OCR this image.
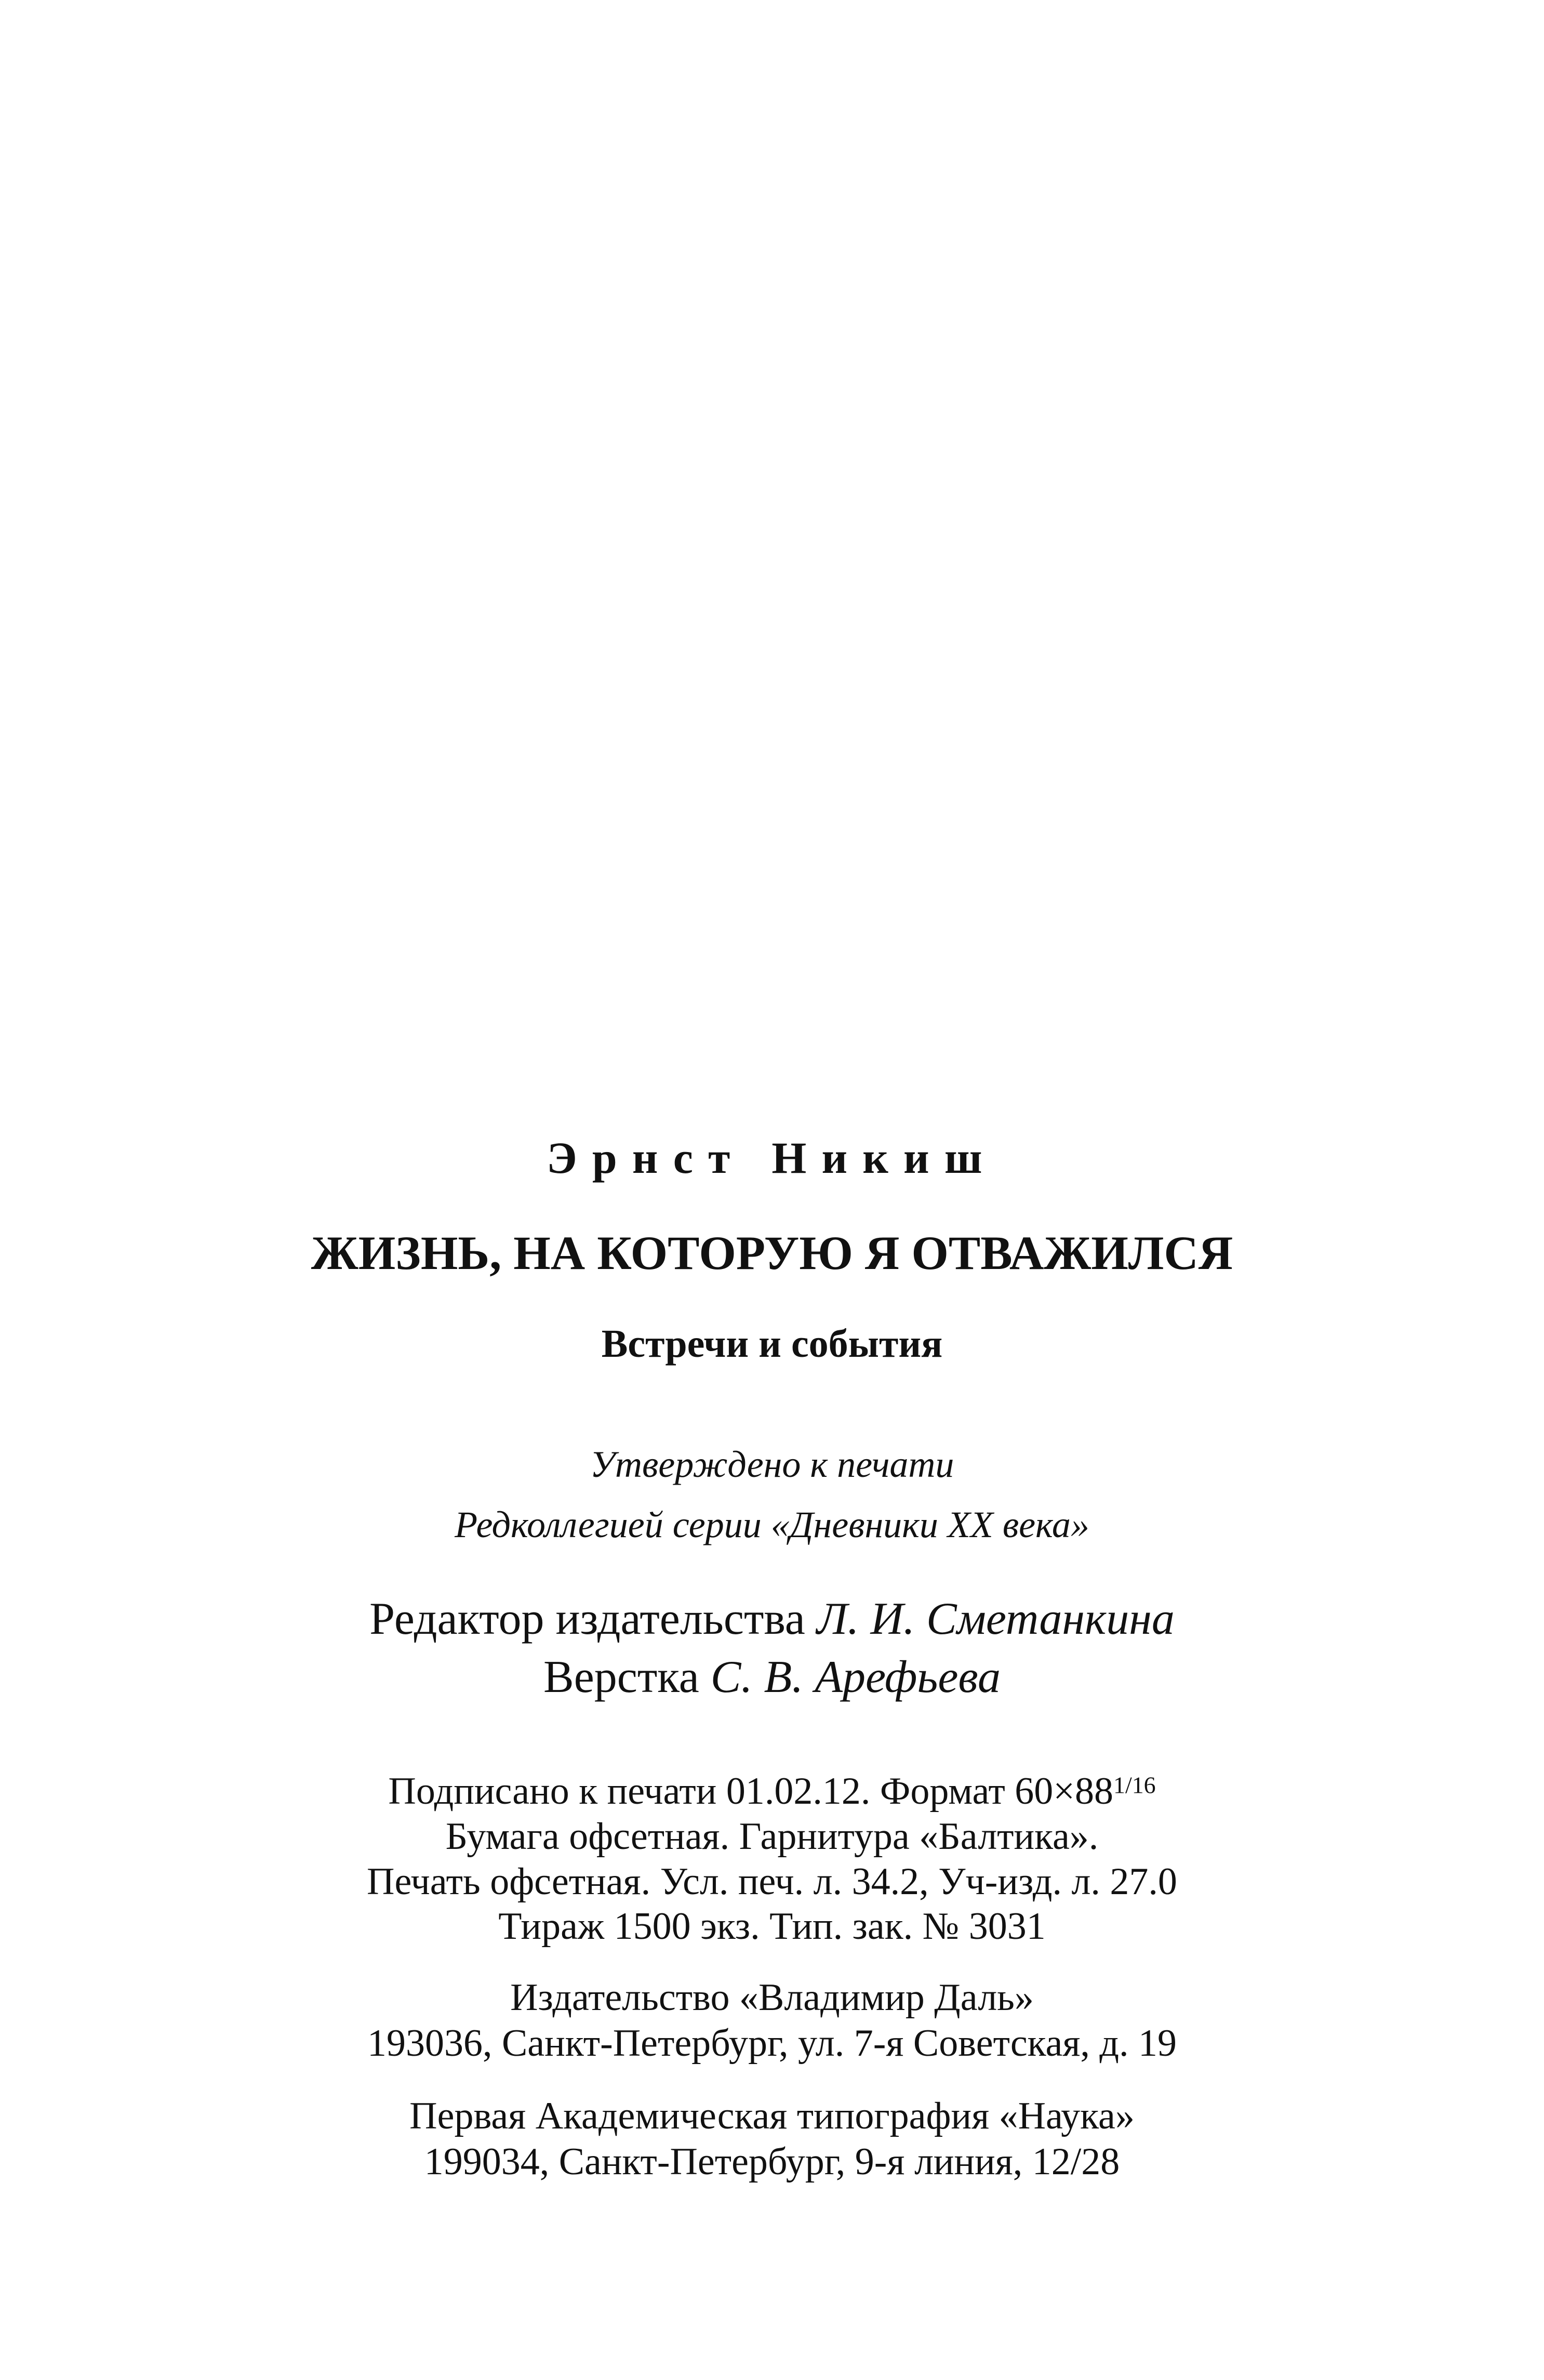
Эрнст Никиш
ЖИЗНЬ, НА КОТОРУЮ Я ОТВАЖИЛСЯ
Встречи и события
Утверждено к печати
Редколлегией серии «Дневники XX века»
Редактор издательства Л. И. Сметанкина
Верстка С. В. Арефьева
Подписано к печати 01.02.12. Формат $60\times 88^{1/16}$
Бумага офсетная. Гарнитура «Балтика».
Печать офсетная. Усл. печ. л. 34.2, Уч-изд. л. 27.0
Тираж 1500 экз. Тип. зак. № 3031
Издательство «Владимир Даль»
193036, Санкт-Петербург, ул. 7-я Советская, д. 19
Первая Академическая типография «Наука»
199034, Санкт-Петербург, 9-я линия, 12/28
